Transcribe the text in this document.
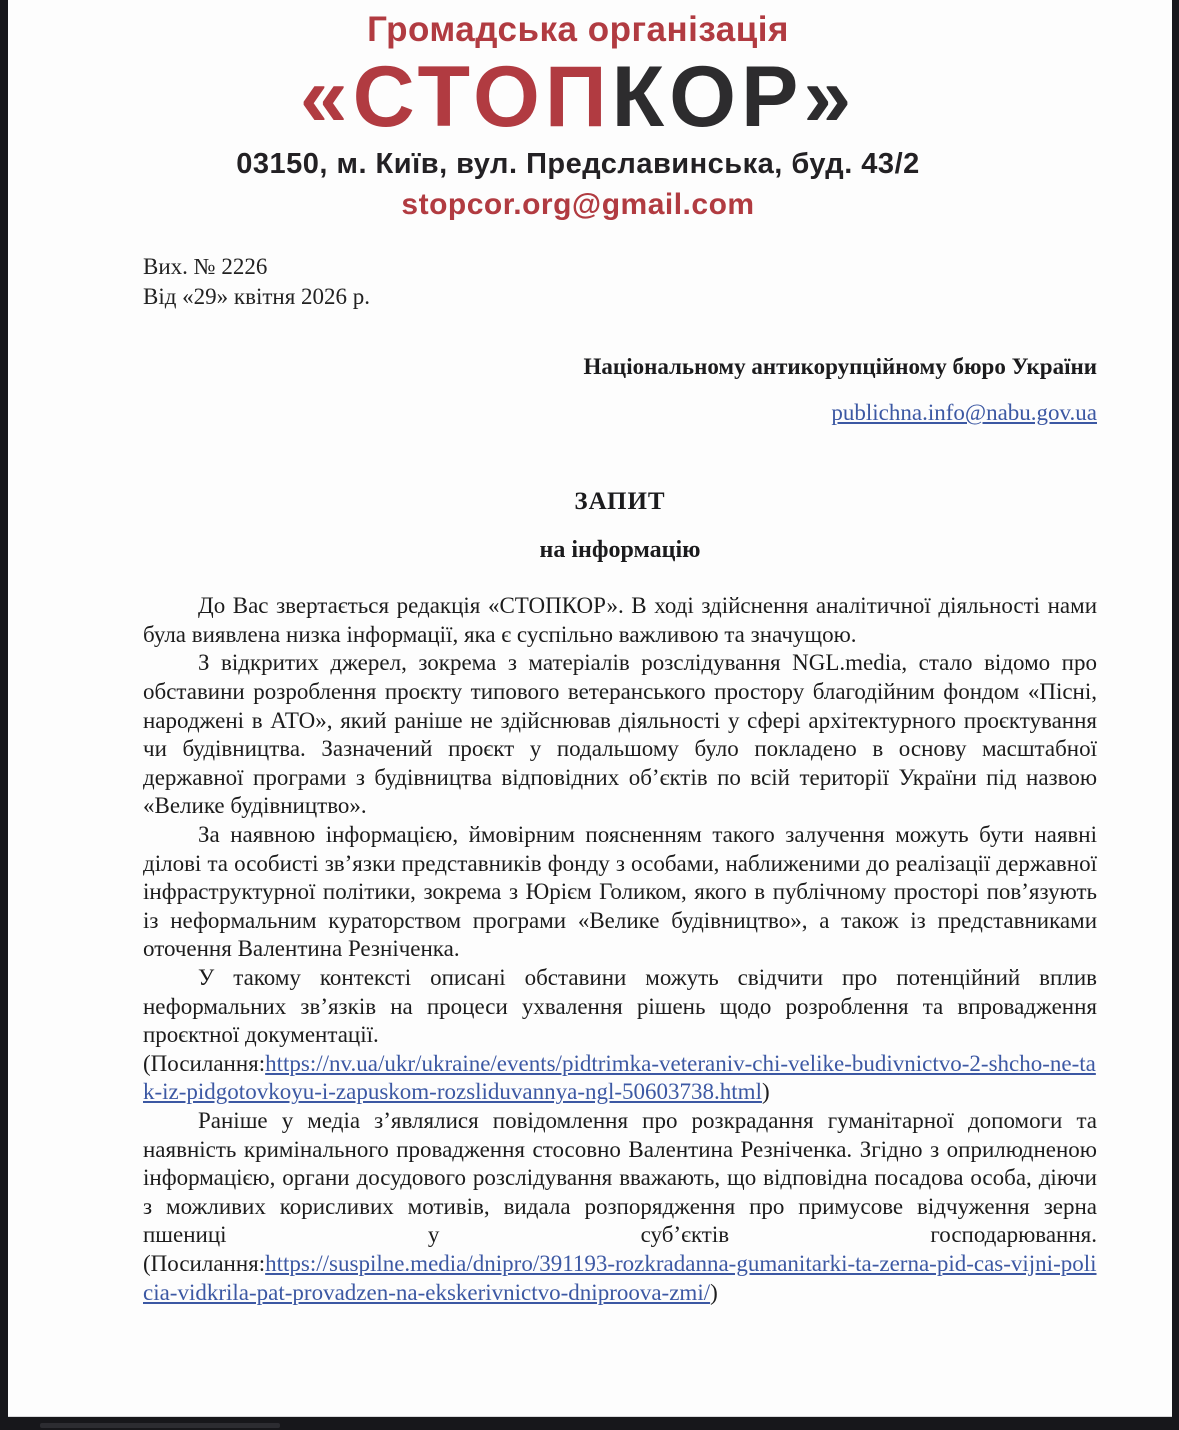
Громадська організація
«СТОПКОР»
03150, м. Київ, вул. Предславинська, буд. 43/2
stopcor.org@gmail.com
Вих. № 2226
Від «29» квітня 2026 р.
Національному антикорупційному бюро України
publichna.info@nabu.gov.ua
ЗАПИТ
на інформацію

До Вас звертається редакція «СТОПКОР». В ході здійснення аналітичної діяльності нами була виявлена низка інформації, яка є суспільно важливою та значущою.

З відкритих джерел, зокрема з матеріалів розслідування NGL.media, стало відомо про обставини розроблення проєкту типового ветеранського простору благодійним фондом «Пісні, народжені в АТО», який раніше не здійснював діяльності у сфері архітектурного проєктування чи будівництва. Зазначений проєкт у подальшому було покладено в основу масштабної державної програми з будівництва відповідних об’єктів по всій території України під назвою «Велике будівництво».

За наявною інформацією, ймовірним поясненням такого залучення можуть бути наявні ділові та особисті зв’язки представників фонду з особами, наближеними до реалізації державної інфраструктурної політики, зокрема з Юрієм Голиком, якого в публічному просторі пов’язують із неформальним кураторством програми «Велике будівництво», а також із представниками оточення Валентина Резніченка.

У такому контексті описані обставини можуть свідчити про потенційний вплив неформальних зв’язків на процеси ухвалення рішень щодо розроблення та впровадження проєктної документації.

(Посилання:https://nv.ua/ukr/ukraine/events/pidtrimka-veteraniv-chi-velike-budivnictvo-2-shcho-ne-tak-iz-pidgotovkoyu-i-zapuskom-rozsliduvannya-ngl-50603738.html)

Раніше у медіа з’являлися повідомлення про розкрадання гуманітарної допомоги та наявність кримінального провадження стосовно Валентина Резніченка. Згідно з оприлюдненою інформацією, органи досудового розслідування вважають, що відповідна посадова особа, діючи з можливих корисливих мотивів, видала розпорядження про примусове відчуження зерна пшениці у суб’єктів господарювання.

(Посилання:https://suspilne.media/dnipro/391193-rozkradanna-gumanitarki-ta-zerna-pid-cas-vijni-policia-vidkrila-pat-provadzen-na-ekskerivnictvo-dniproova-zmi/)
